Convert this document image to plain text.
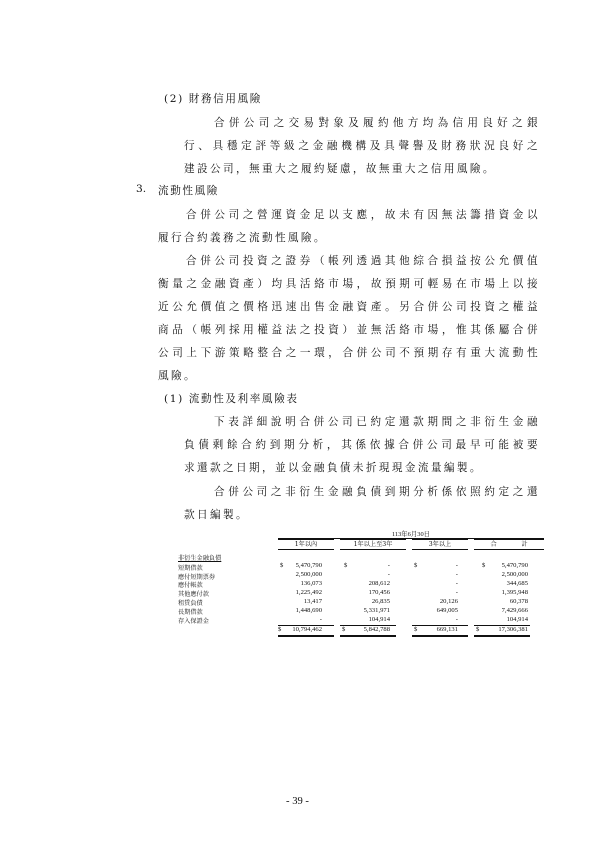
(2) 財務信用風險
合併公司之交易對象及履約他方均為信用良好之銀
行、具穩定評等級之金融機構及具聲譽及財務狀況良好之
建設公司，無重大之履約疑慮，故無重大之信用風險。
3. 流動性風險
合併公司之營運資金足以支應，故未有因無法籌措資金以
履行合約義務之流動性風險。
合併公司投資之證券（帳列透過其他綜合損益按公允價值
衡量之金融資產）均具活絡市場，故預期可輕易在市場上以接
近公允價值之價格迅速出售金融資產。另合併公司投資之權益
商品（帳列採用權益法之投資）並無活絡市場，惟其係屬合併
公司上下游策略整合之一環，合併公司不預期存有重大流動性
風險。
(1) 流動性及利率風險表
下表詳細說明合併公司已約定還款期間之非衍生金融
負債剩餘合約到期分析，其係依據合併公司最早可能被要
求還款之日期，並以金融負債未折現現金流量編製。
合併公司之非衍生金融負債到期分析係依照約定之還
款日編製。
113年6月30日
1年以內	1年以上至3年	3年以上	合　　　　計
非衍生金融負債
短期借款	$	5,470,790	$	-	$	-	$	5,470,790
應付短期票券	2,500,000	-	-	2,500,000
應付帳款	136,073	208,612	-	344,685
其他應付款	1,225,492	170,456	-	1,395,948
租賃負債	13,417	26,835	20,126	60,378
長期借款	1,448,690	5,331,971	649,005	7,429,666
存入保證金	-	104,914	-	104,914
$	10,794,462	$	5,842,788	$	669,131	$	17,306,381
- 39 -
